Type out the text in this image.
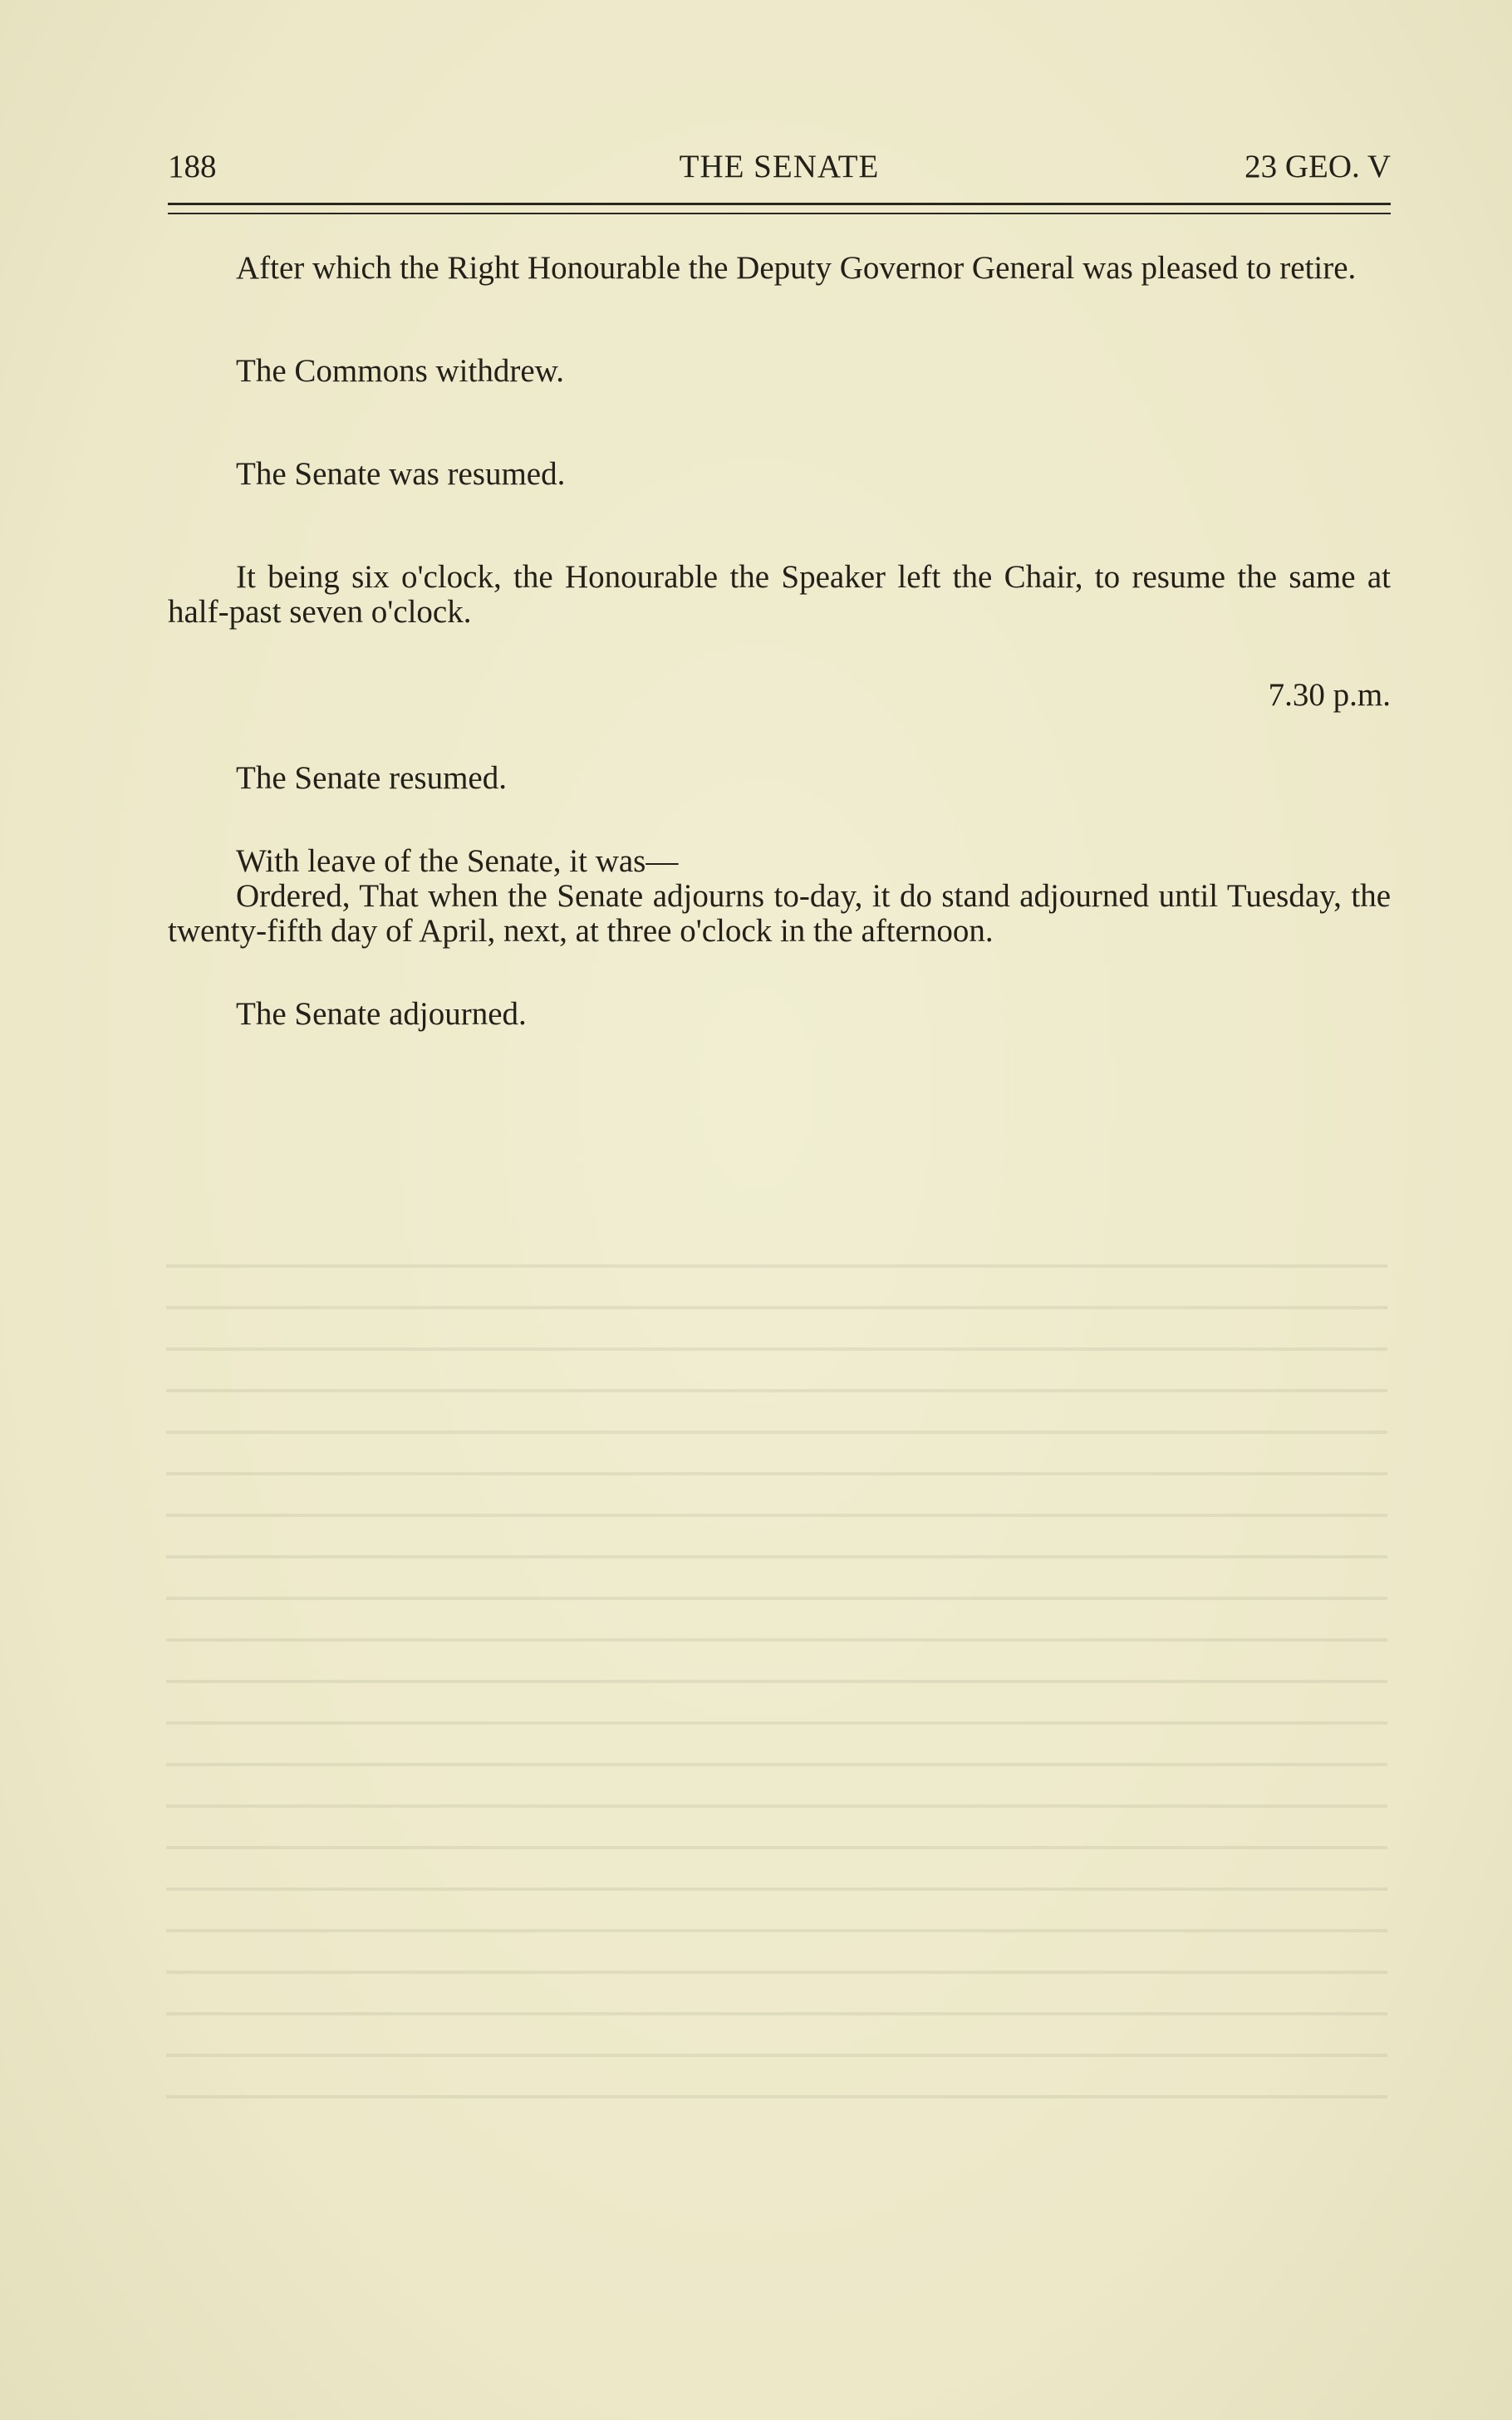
188	THE SENATE	23 GEO. V

After which the Right Honourable the Deputy Governor General was pleased to retire.

The Commons withdrew.

The Senate was resumed.

It being six o'clock, the Honourable the Speaker left the Chair, to resume the same at half-past seven o'clock.

7.30 p.m.

The Senate resumed.

With leave of the Senate, it was—

Ordered, That when the Senate adjourns to-day, it do stand adjourned until Tuesday, the twenty-fifth day of April, next, at three o'clock in the afternoon.

The Senate adjourned.
